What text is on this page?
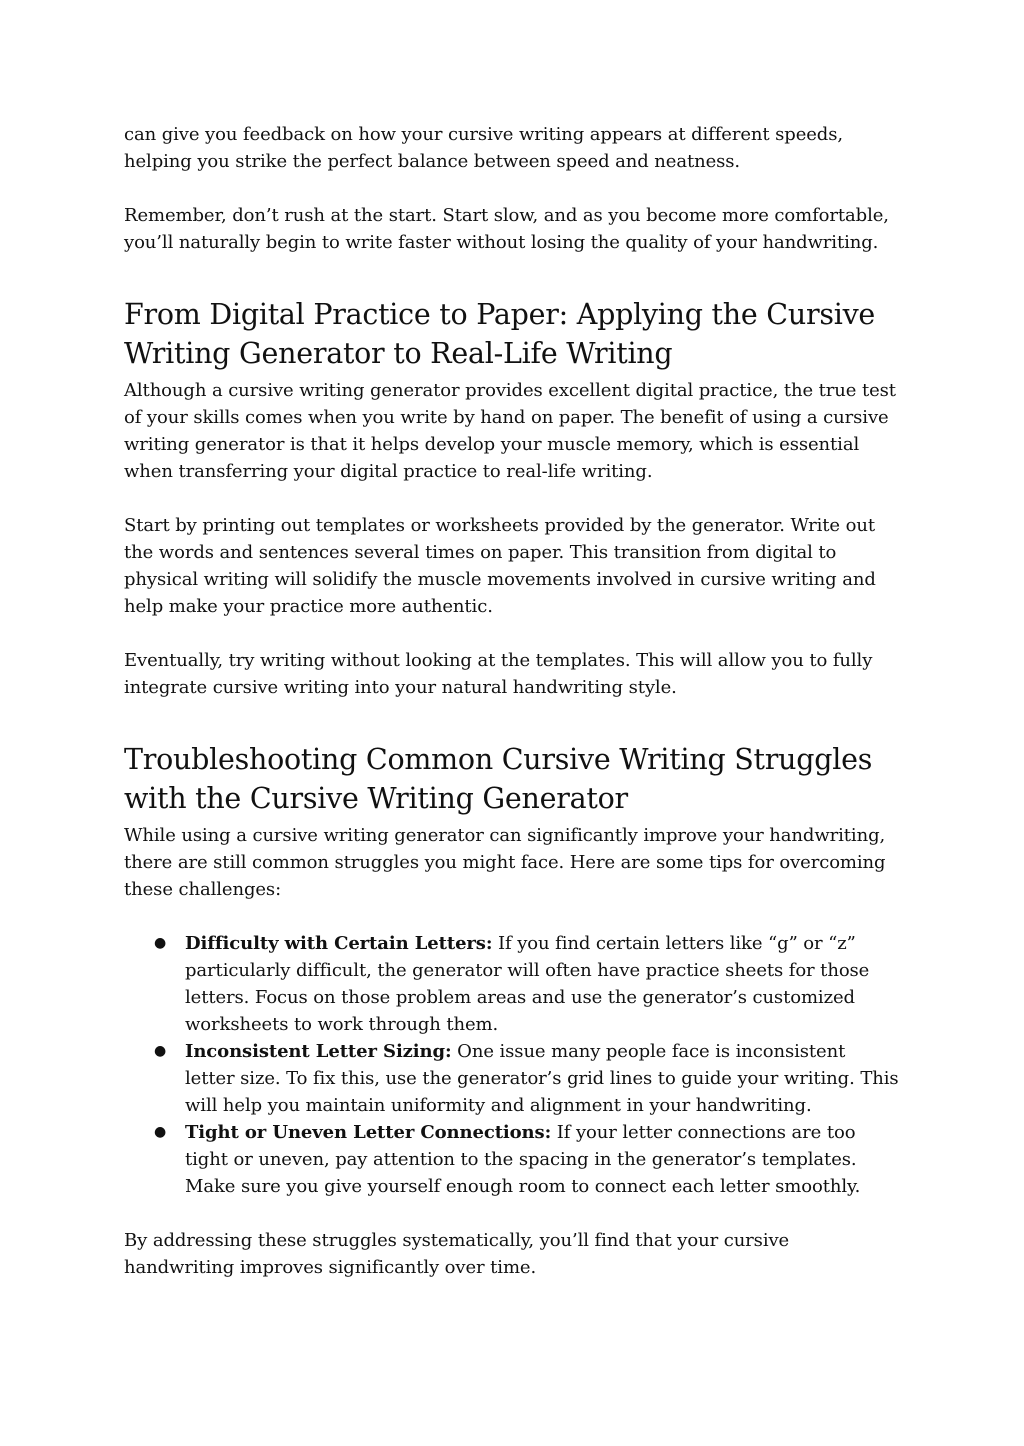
can give you feedback on how your cursive writing appears at different speeds, helping you strike the perfect balance between speed and neatness.

Remember, don’t rush at the start. Start slow, and as you become more comfortable, you’ll naturally begin to write faster without losing the quality of your handwriting.

From Digital Practice to Paper: Applying the Cursive Writing Generator to Real-Life Writing

Although a cursive writing generator provides excellent digital practice, the true test of your skills comes when you write by hand on paper. The benefit of using a cursive writing generator is that it helps develop your muscle memory, which is essential when transferring your digital practice to real-life writing.

Start by printing out templates or worksheets provided by the generator. Write out the words and sentences several times on paper. This transition from digital to physical writing will solidify the muscle movements involved in cursive writing and help make your practice more authentic.

Eventually, try writing without looking at the templates. This will allow you to fully integrate cursive writing into your natural handwriting style.

Troubleshooting Common Cursive Writing Struggles with the Cursive Writing Generator

While using a cursive writing generator can significantly improve your handwriting, there are still common struggles you might face. Here are some tips for overcoming these challenges:

● Difficulty with Certain Letters: If you find certain letters like “g” or “z” particularly difficult, the generator will often have practice sheets for those letters. Focus on those problem areas and use the generator’s customized worksheets to work through them.
● Inconsistent Letter Sizing: One issue many people face is inconsistent letter size. To fix this, use the generator’s grid lines to guide your writing. This will help you maintain uniformity and alignment in your handwriting.
● Tight or Uneven Letter Connections: If your letter connections are too tight or uneven, pay attention to the spacing in the generator’s templates. Make sure you give yourself enough room to connect each letter smoothly.

By addressing these struggles systematically, you’ll find that your cursive handwriting improves significantly over time.
